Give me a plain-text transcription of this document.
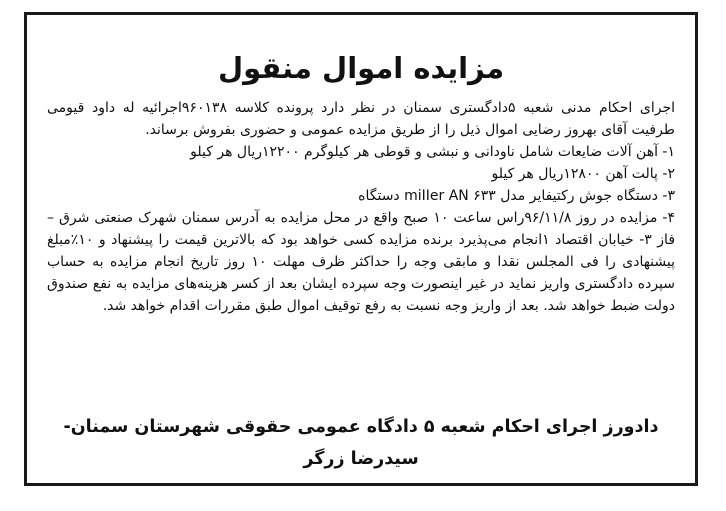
مزایده اموال منقول

اجرای احکام مدنی شعبه ۵دادگستری سمنان در نظر دارد پرونده کلاسه ۹۶۰۱۳۸اجرائیه له داود قیومی طرفیت آقای بهروز رضایی اموال ذیل را از طریق مزایده عمومی و حضوری بفروش برساند.

۱- آهن آلات ضایعات شامل ناودانی و نبشی و قوطی هر کیلوگرم ۱۲۲۰۰ریال هر کیلو

۲- پالت آهن ۱۲۸۰۰ریال هر کیلو

۳- دستگاه جوش رکتیفایر مدل miIIer AN ۶۳۳ دستگاه

۴- مزایده در روز ۹۶/۱۱/۸راس ساعت ۱۰ صبح واقع در محل مزایده به آدرس سمنان شهرک صنعتی شرق – فاز ۳- خیابان اقتصاد ۱انجام می‌پذیرد برنده مزایده کسی خواهد بود که بالاترین قیمت را پیشنهاد و ۱۰٪مبلغ پیشنهادی را فی المجلس نقدا و مابقی وجه را حداکثر ظرف مهلت ۱۰ روز تاریخ انجام مزایده به حساب سپرده دادگستری واریز نماید در غیر اینصورت وجه سپرده ایشان بعد از کسر هزینه‌های مزایده به نفع صندوق دولت ضبط خواهد شد. بعد از واریز وجه نسبت به رفع توقیف اموال طبق مقررات اقدام خواهد شد.

دادورز اجرای احکام شعبه ۵ دادگاه عمومی حقوقی شهرستان سمنان-
سیدرضا زرگر
